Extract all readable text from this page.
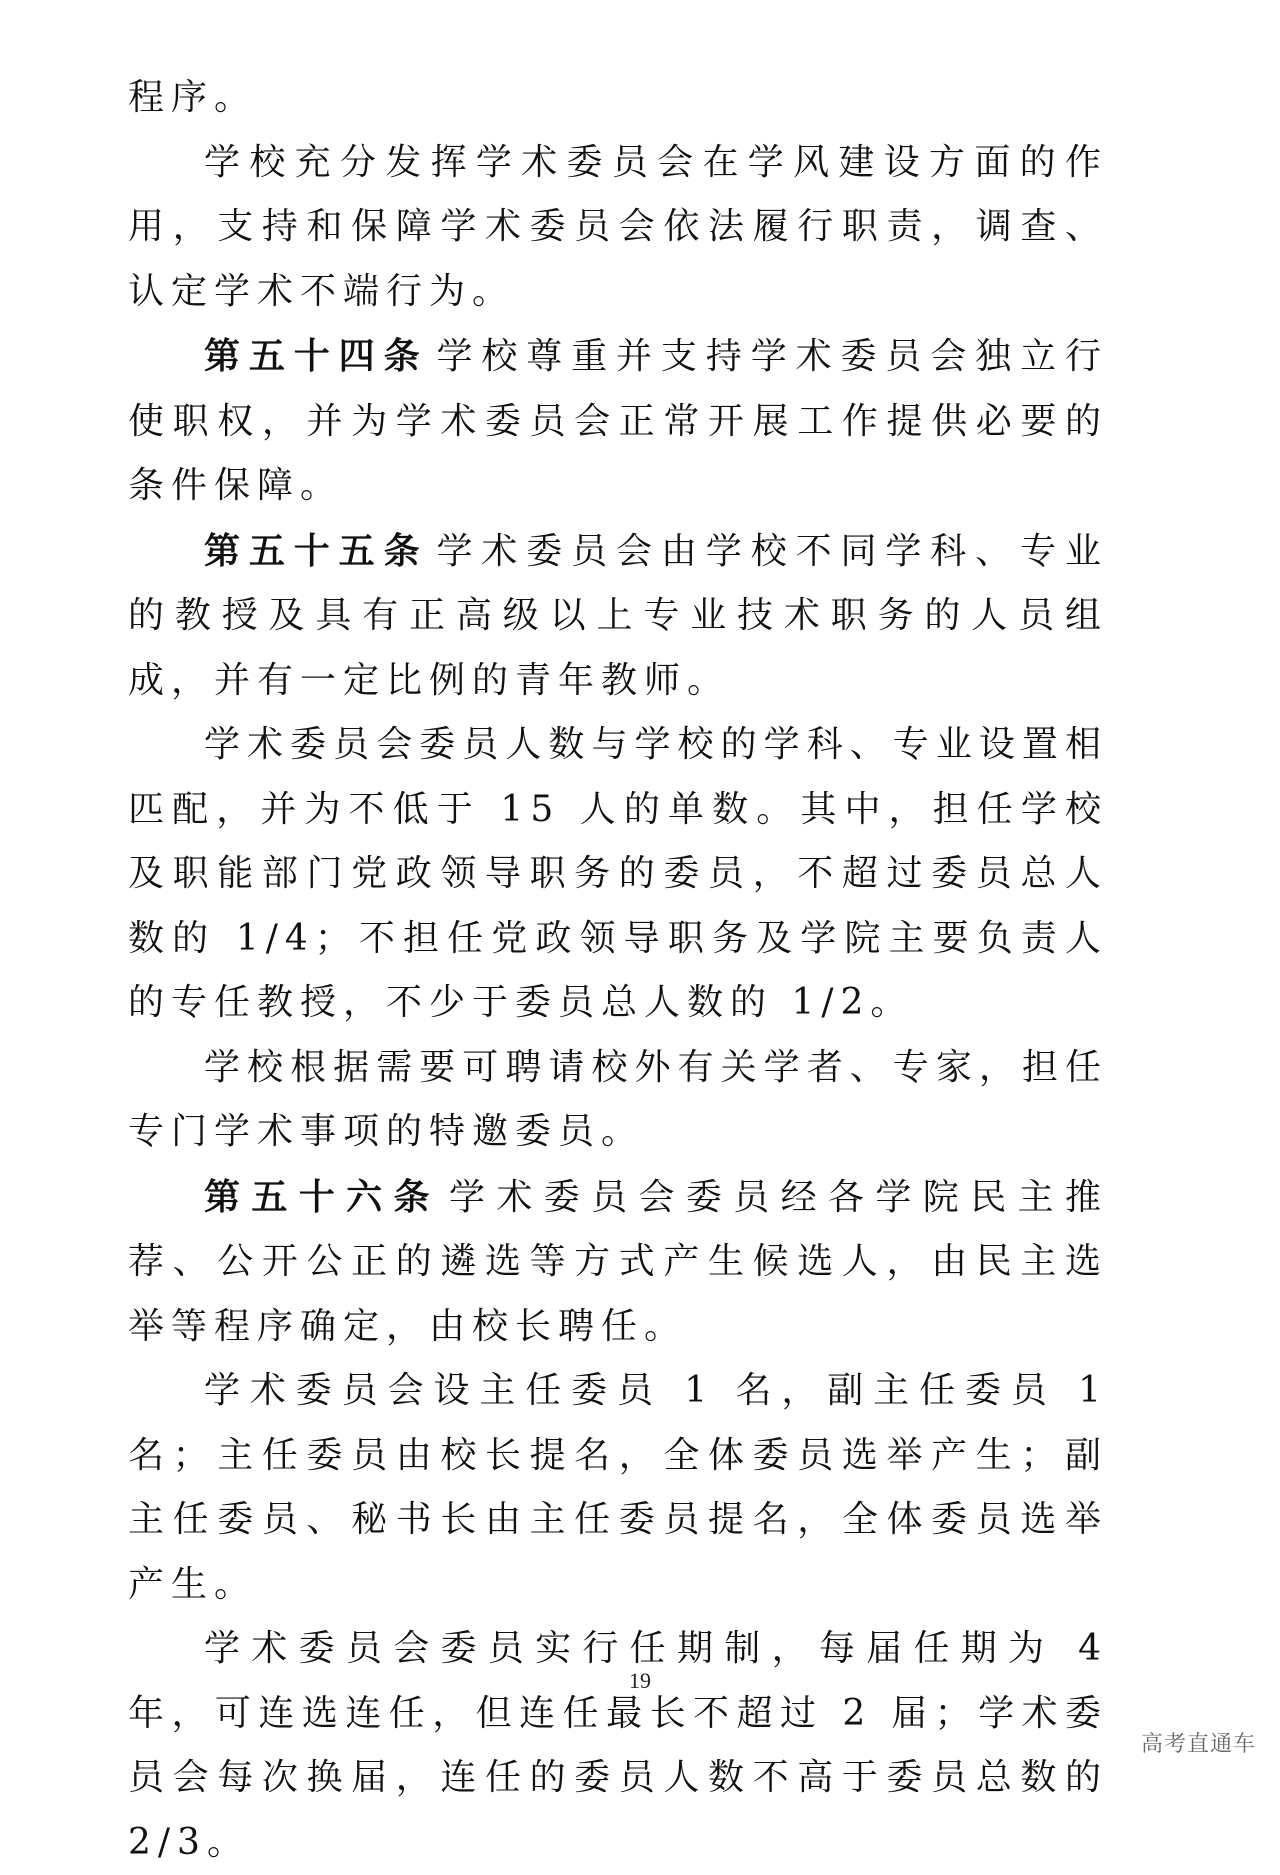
程序。

学校充分发挥学术委员会在学风建设方面的作用，支持和保障学术委员会依法履行职责，调查、认定学术不端行为。

第五十四条 学校尊重并支持学术委员会独立行使职权，并为学术委员会正常开展工作提供必要的条件保障。

第五十五条 学术委员会由学校不同学科、专业的教授及具有正高级以上专业技术职务的人员组成，并有一定比例的青年教师。

学术委员会委员人数与学校的学科、专业设置相匹配，并为不低于 15 人的单数。其中，担任学校及职能部门党政领导职务的委员，不超过委员总人数的 1/4；不担任党政领导职务及学院主要负责人的专任教授，不少于委员总人数的 1/2。

学校根据需要可聘请校外有关学者、专家，担任专门学术事项的特邀委员。

第五十六条 学术委员会委员经各学院民主推荐、公开公正的遴选等方式产生候选人，由民主选举等程序确定，由校长聘任。

学术委员会设主任委员 1 名，副主任委员 1 名；主任委员由校长提名，全体委员选举产生；副主任委员、秘书长由主任委员提名，全体委员选举产生。

学术委员会委员实行任期制，每届任期为 4 年，可连选连任，但连任最长不超过 2 届；学术委员会每次换届，连任的委员人数不高于委员总数的 2/3。

19
高考直通车
